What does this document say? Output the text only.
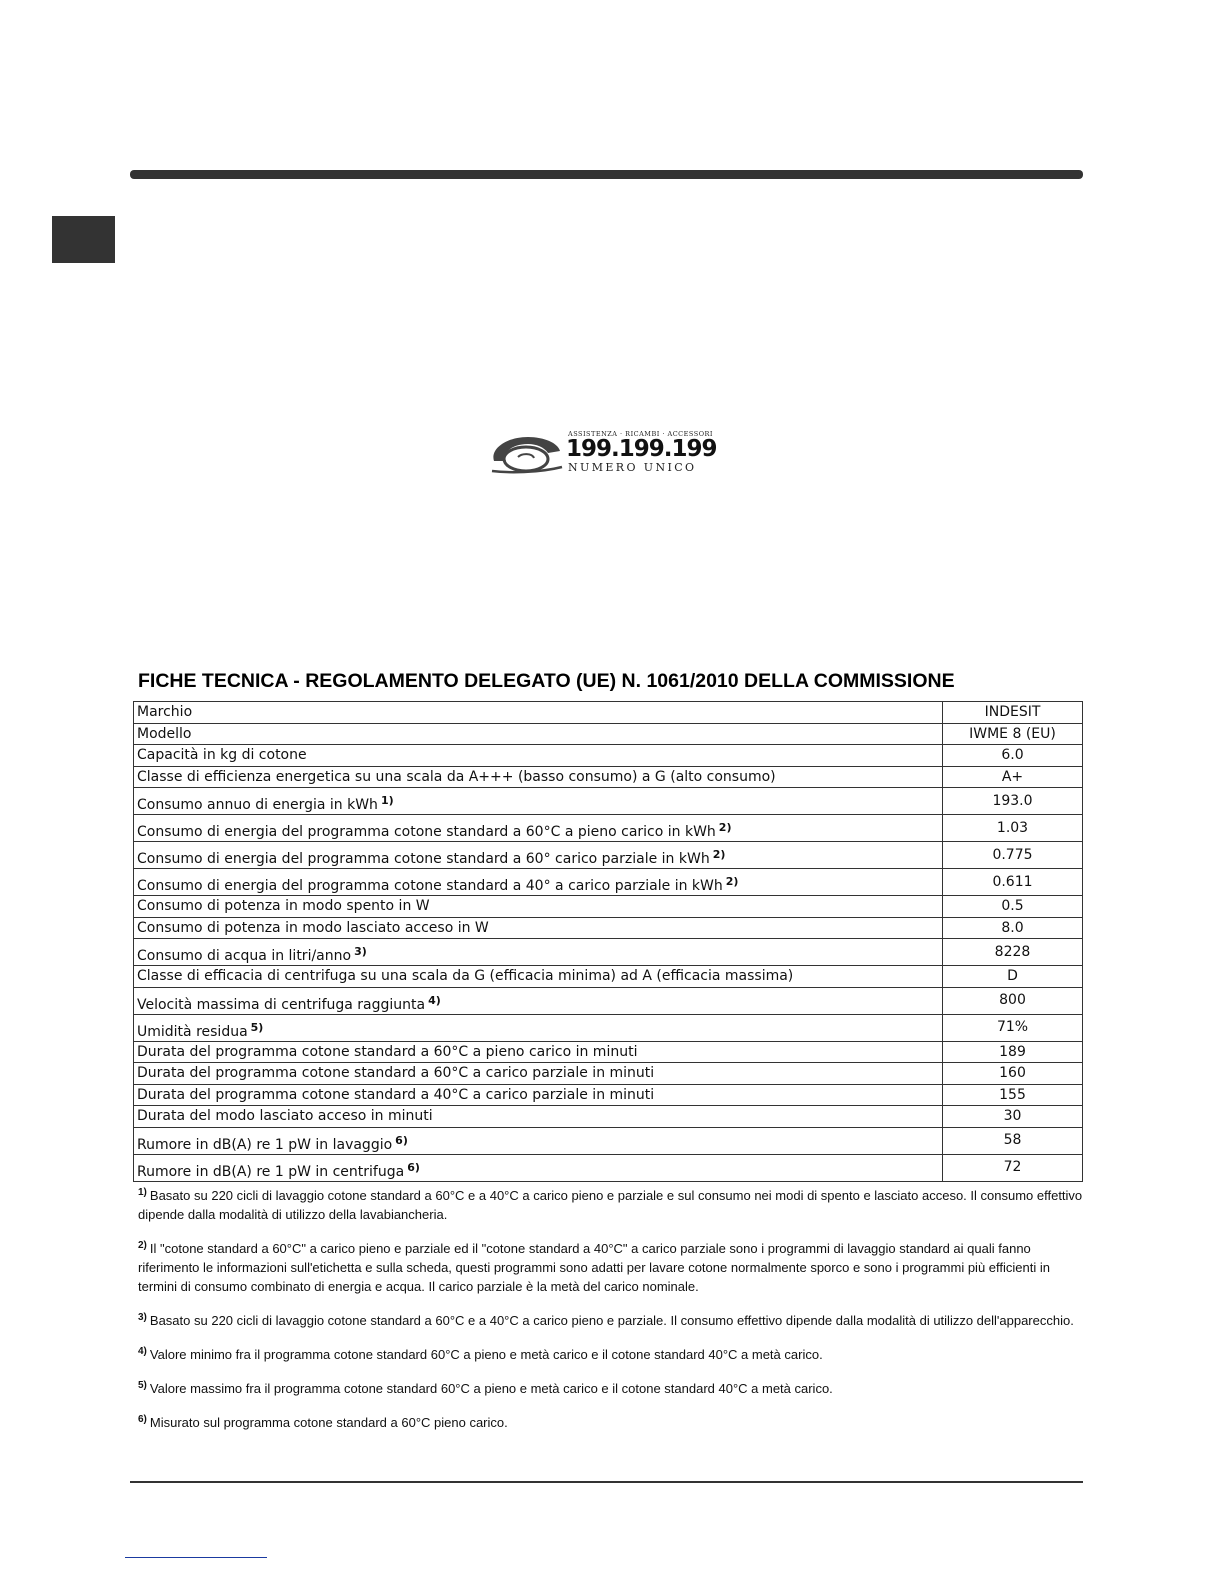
ASSISTENZA · RICAMBI · ACCESSORI
199.199.199
NUMERO UNICO
FICHE TECNICA - REGOLAMENTO DELEGATO (UE) N. 1061/2010 DELLA COMMISSIONE
Marchio	INDESIT
Modello	IWME 8 (EU)
Capacità in kg di cotone	6.0
Classe di efficienza energetica su una scala da A+++ (basso consumo) a G (alto consumo)	A+
Consumo annuo di energia in kWh $^{1)}$	193.0
Consumo di energia del programma cotone standard a 60°C a pieno carico in kWh $^{2)}$	1.03
Consumo di energia del programma cotone standard a 60° carico parziale in kWh $^{2)}$	0.775
Consumo di energia del programma cotone standard a 40° a carico parziale in kWh $^{2)}$	0.611
Consumo di potenza in modo spento in W	0.5
Consumo di potenza in modo lasciato acceso in W	8.0
Consumo di acqua in litri/anno $^{3)}$	8228
Classe di efficacia di centrifuga su una scala da G (efficacia minima) ad A (efficacia massima)	D
Velocità massima di centrifuga raggiunta $^{4)}$	800
Umidità residua $^{5)}$	71%
Durata del programma cotone standard a 60°C a pieno carico in minuti	189
Durata del programma cotone standard a 60°C a carico parziale in minuti	160
Durata del programma cotone standard a 40°C a carico parziale in minuti	155
Durata del modo lasciato acceso in minuti	30
Rumore in dB(A) re 1 pW in lavaggio $^{6)}$	58
Rumore in dB(A) re 1 pW in centrifuga $^{6)}$	72

$^{1)}$ Basato su 220 cicli di lavaggio cotone standard a 60°C e a 40°C a carico pieno e parziale e sul consumo nei modi di spento e lasciato acceso. Il consumo effettivo dipende dalla modalità di utilizzo della lavabiancheria.

$^{2)}$ Il "cotone standard a 60°C" a carico pieno e parziale ed il "cotone standard a 40°C" a carico parziale sono i programmi di lavaggio standard ai quali fanno riferimento le informazioni sull'etichetta e sulla scheda, questi programmi sono adatti per lavare cotone normalmente sporco e sono i programmi più efficienti in termini di consumo combinato di energia e acqua. Il carico parziale è la metà del carico nominale.

$^{3)}$ Basato su 220 cicli di lavaggio cotone standard a 60°C e a 40°C a carico pieno e parziale. Il consumo effettivo dipende dalla modalità di utilizzo dell'apparecchio.

$^{4)}$ Valore minimo fra il programma cotone standard 60°C a pieno e metà carico e il cotone standard 40°C a metà carico.

$^{5)}$ Valore massimo fra il programma cotone standard 60°C a pieno e metà carico e il cotone standard 40°C a metà carico.

$^{6)}$ Misurato sul programma cotone standard a 60°C pieno carico.
